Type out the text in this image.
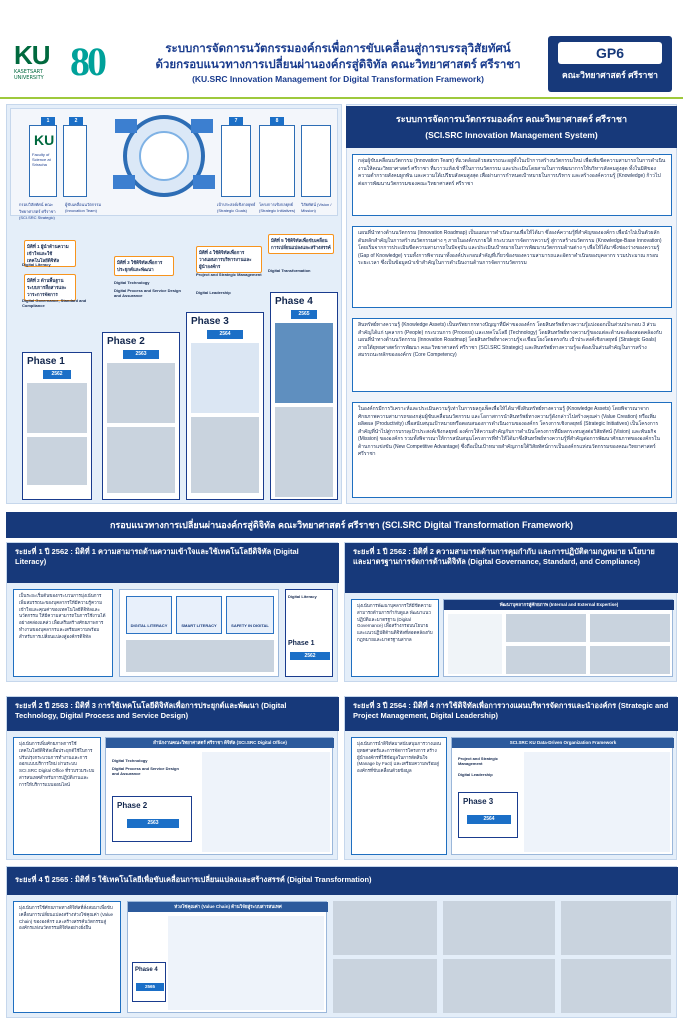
KU
KASETSART UNIVERSITY 80	ระบบการจัดการนวัตกรรมองค์กรเพื่อการขับเคลื่อนสู่การบรรลุวิสัยทัศน์
ด้วยกรอบแนวทางการเปลี่ยนผ่านองค์กรสู่ดิจิทัล คณะวิทยาศาสตร์ ศรีราชา
(KU.SRC Innovation Management for Digital Transformation Framework)
GP6
คณะวิทยาศาสตร์ ศรีราชา
KU
Faculty of Science at Sriracha
กรอบวิสัยทัศน์ คณะวิทยาศาสตร์ ศรีราชา (SCI.SRC Strategic)
ผู้ขับเคลื่อนนวัตกรรม (Innovation Team)
1	2	7	8
เป้าประสงค์เชิงกลยุทธ์ (Strategic Goals)
โครงการเชิงกลยุทธ์ (Strategic Initiatives)
วิสัยทัศน์ (Vision / Mission)
มิติที่ 1 ผู้นำด้านความเข้าใจและใช้เทคโนโลยีดิจิทัล
มิติที่ 2 ด้านพื้นฐาน ระบบการสื่อสารและวาระการจัดการ
มิติที่ 3 ใช้ดิจิทัลเพื่อการประยุกต์และพัฒนา
มิติที่ 4 ใช้ดิจิทัลเพื่อการวางแผนการบริหารงานและผู้นำองค์กร
มิติที่ 5 ใช้ดิจิทัลเพื่อขับเคลื่อนการเปลี่ยนแปลงและสร้างสรรค์
Digital Literacy
Digital Governance, Standard and Compliance
Digital Technology
Digital Process and Service Design and Assurance
Project and Strategic Management
Digital Leadership
Digital Transformation
Phase 1
2562
Phase 2
2563
Phase 3
2564
Phase 4
2565
ระบบการจัดการนวัตกรรมองค์กร คณะวิทยาศาสตร์ ศรีราชา
(SCI.SRC Innovation Management System)
กลุ่มผู้ขับเคลื่อนนวัตกรรม (Innovation Team) ที่แวดล้อมด้วยสมรรถนะอยู่ทั้งในเป้าการสร้างนวัตกรรมใหม่ เพื่อเพิ่มขีดความสามารถในการดำเนินงานให้คณะวิทยาศาสตร์ ศรีราชา ที่มวาวแห้งเข้าที่ในการนวัตกรรม และประเมินโดยสามในการพัฒนาการให้บริหารสังคมสูงสุด ทั้งในมิติของความต่ำกรายสังคมผูกพัน และความใด้เปรียบสังคมสูงสุด เพื่อผ่านการกำหนดเป้าหมายในการบริหาร และสร้างองค์ความรู้ (Knowledge) ก้าวไปต่อการพัฒนานวัตกรรมของคณะวิทยาศาสตร์ ศรีราชา
แผนที่นำทางด้านนวัตกรรม (Innovation Roadmap) เป็นแผนการดำเนินงานเพื่อให้ได้มา ซึ่งองค์ความรู้ที่สำคัญขององค์กร เพื่อนำไปเป็นตัวผลักดันหลักสำคัญในการสร้างนวัตกรรมต่าง ๆ ภายในองค์กรภายใต้ กระบวนการจัดการความรู้ สู่การสร้างนวัตกรรม (Knowledge-Base Innovation) โดยเริ่มจากการประเมินขีดความสามารถในปัจจุบัน และประเมินเป้าหมายในการพัฒนานวัตกรรมด้านต่าง ๆ เพื่อให้ได้มาซึ่งช่องว่างของความรู้ (Gap of Knowledge) รวมทั้งการพิจารณาทั้งองค์ประกอบสำคัญที่เกี่ยวข้องของความสามารถและอัตราดำเนินของบุคลากร รวมประมาณ กรอบระยะเวลา ซึ่งเป็นข้อมูลนำเข้าสำคัญในการดำเนินงานด้านการจัดการนวัตกรรม
สินทรัพย์ทางความรู้ (Knowledge Assets) เป็นทรัพยากรทางปัญญาที่มีค่าขององค์กร โดยสินทรัพย์ทางความรู้แบ่งออกเป็นส่วนประกอบ 3 ส่วนสำคัญได้แก่ บุคลากร (People) กระบวนการ (Process) และเทคโนโลยี (Technology) โดยสินทรัพย์ทางความรู้ของแต่ละด้านจะต้องสอดคล้องกับแผนที่นำทางด้านนวัตกรรม (Innovation Roadmap) โดยสินทรัพย์ทางความรู้จะเชื่อมโยงโดยตรงกับ เป้าประสงค์เชิงกลยุทธ์ (Strategic Goals) ภายใต้ยุทธศาสตร์การพัฒนา คณะวิทยาศาสตร์ ศรีราชา (SCI.SRC Strategic) และสินทรัพย์ทางความรู้จะต้องเป็นส่วนสำคัญในการสร้าง สมรรถนะหลักขององค์กร (Core Competency)
ในองค์กรมีการวิเคราะห์และประเมินความรู้เท่าในการผลกูแพ็คเพื่อให้ได้มาซึ่งสินทรัพย์ทางความรู้ (Knowledge Assets) โดยพิจารณาจากศักยภาพความสามารถของกลุ่มผู้ขับเคลื่อนนวัตกรรม และโอกาสการนำสินทรัพย์ทางความรู้ดังกล่าวไปสร้างคุณค่า (Value Creation) หรือเพิ่มผลิตผล (Productivity) เพื่อสนับสนุนเป้าหมายหรือตอบสนองการดำเนินงานขององค์กร โครงการเชิงกลยุทธ์ (Strategic Initiatives) เป็นโครงการสำคัญที่นำไปสู่การบรรลุเป้าประสงค์เชิงกลยุทธ์ องค์กรให้ความสำคัญกับการดำเนินโครงการที่มีผลกระทบสูงต่อวิสัยทัศน์ (Vision) และพันธกิจ (Mission) ขององค์กร รวมทั้งพิจารณาให้การสนับสนุนโครงการที่ทำให้ได้มาซึ่งสินทรัพย์ทางความรู้ที่สำคัญต่อการพัฒนาศักยภาพขององค์กรในด้านการแข่งขัน (New Competitive Advantage) ซึ่งถือเป็นเป้าหมายสำคัญภายใต้วิสัยทัศน์การเป็นองค์กรแห่งนวัตกรรมของคณะวิทยาศาสตร์ ศรีราชา
กรอบแนวทางการเปลี่ยนผ่านองค์กรสู่ดิจิทัล คณะวิทยาศาสตร์ ศรีราชา (SCI.SRC Digital Transformation Framework)
ระยะที่ 1 ปี 2562 : มิติที่ 1 ความสามารถด้านความเข้าใจและใช้เทคโนโลยีดิจิทัล (Digital Literacy)
เป็นระยะเริ่มต้นของกระบวนการมุ่งเน้นการเพิ่มสมรรถนะของบุคลากรให้มีความรู้ความเข้าใจและคุณค่าของเทคโนโลยีดิจิทัลและนวัตกรรม ให้มีความสามารถในการใช้งานได้อย่างคล่องแคล่ว เพื่อเสริมสร้างศักยภาพการทำงานของบุคลากรและเตรียมความพร้อมสำหรับการเปลี่ยนแปลงสู่องค์กรดิจิทัล
DIGITAL LITERACY	SMART LITERACY	SAFETY IN DIGITAL
Digital Literacy
Phase 1
2562
ระยะที่ 1 ปี 2562 : มิติที่ 2 ความสามารถด้านการคุมกำกับ และการปฏิบัติตามกฎหมาย นโยบาย และมาตรฐานการจัดการด้านดิจิทัล (Digital Governance, Standard, and Compliance)
มุ่งเน้นการพัฒนาบุคลากรให้มีขีดความสามารถด้านการกำกับดูแล พัฒนาแนวปฏิบัติและมาตรฐาน (Digital Governance) เพื่อสร้างกรอบนโยบายและแนวปฏิบัติด้านดิจิทัลที่สอดคล้องกับกฎหมายและมาตรฐานสากล
พัฒนาบุคลากรสู่ศักยภาพ (Internal and External Expertise)
ระยะที่ 2 ปี 2563 : มิติที่ 3 การใช้เทคโนโลยีดิจิทัลเพื่อการประยุกต์และพัฒนา (Digital Technology, Digital Process and Service Design)
มุ่งเน้นการเพิ่มศักยภาพการใช้เทคโนโลยีดิจิทัลเพื่อประยุกต์ใช้ในการปรับปรุงกระบวนการทำงานและการออกแบบบริการใหม่ ผ่านระบบ SCI.SRC Digital Office ที่รวบรวมระบบสารสนเทศสำหรับการปฏิบัติงานและการให้บริการแบบออนไลน์
สำนักงานคณะวิทยาศาสตร์ ศรีราชา ดิจิทัล (SCI.SRC Digital Office)
Digital Technology
Digital Process and Service Design and Assurance
Phase 2
2563
ระยะที่ 3 ปี 2564 : มิติที่ 4 การใช้ดิจิทัลเพื่อการวางแผนบริหารจัดการและนำองค์กร (Strategic and Project Management, Digital Leadership)
มุ่งเน้นการนำดิจิทัลมาสนับสนุนการวางแผนยุทธศาสตร์และการจัดการโครงการ สร้างผู้นำองค์กรที่ใช้ข้อมูลในการตัดสินใจ (Manage by Fact) และเตรียมความพร้อมสู่องค์กรที่ขับเคลื่อนด้วยข้อมูล
SCI.SRC KU Data-Driven Organization Framework
Project and Strategic Management
Digital Leadership
Phase 3
2564
ระยะที่ 4 ปี 2565 : มิติที่ 5 ใช้เทคโนโลยีเพื่อขับเคลื่อนการเปลี่ยนแปลงและสร้างสรรค์ (Digital Transformation)
มุ่งเน้นการใช้ศักยภาพทางดิจิทัลที่สั่งสมมาเพื่อขับเคลื่อนการเปลี่ยนแปลงสร้างห่วงโซ่คุณค่า (Value Chain) ขององค์กร และสร้างสรรค์นวัตกรรมสู่องค์กรแห่งนวัตกรรมดิจิทัลอย่างยั่งยืน
ห่วงโซ่คุณค่า (Value Chain) ด้านวิจัยสู่ระบบสารสนเทศ
Phase 4
2565
